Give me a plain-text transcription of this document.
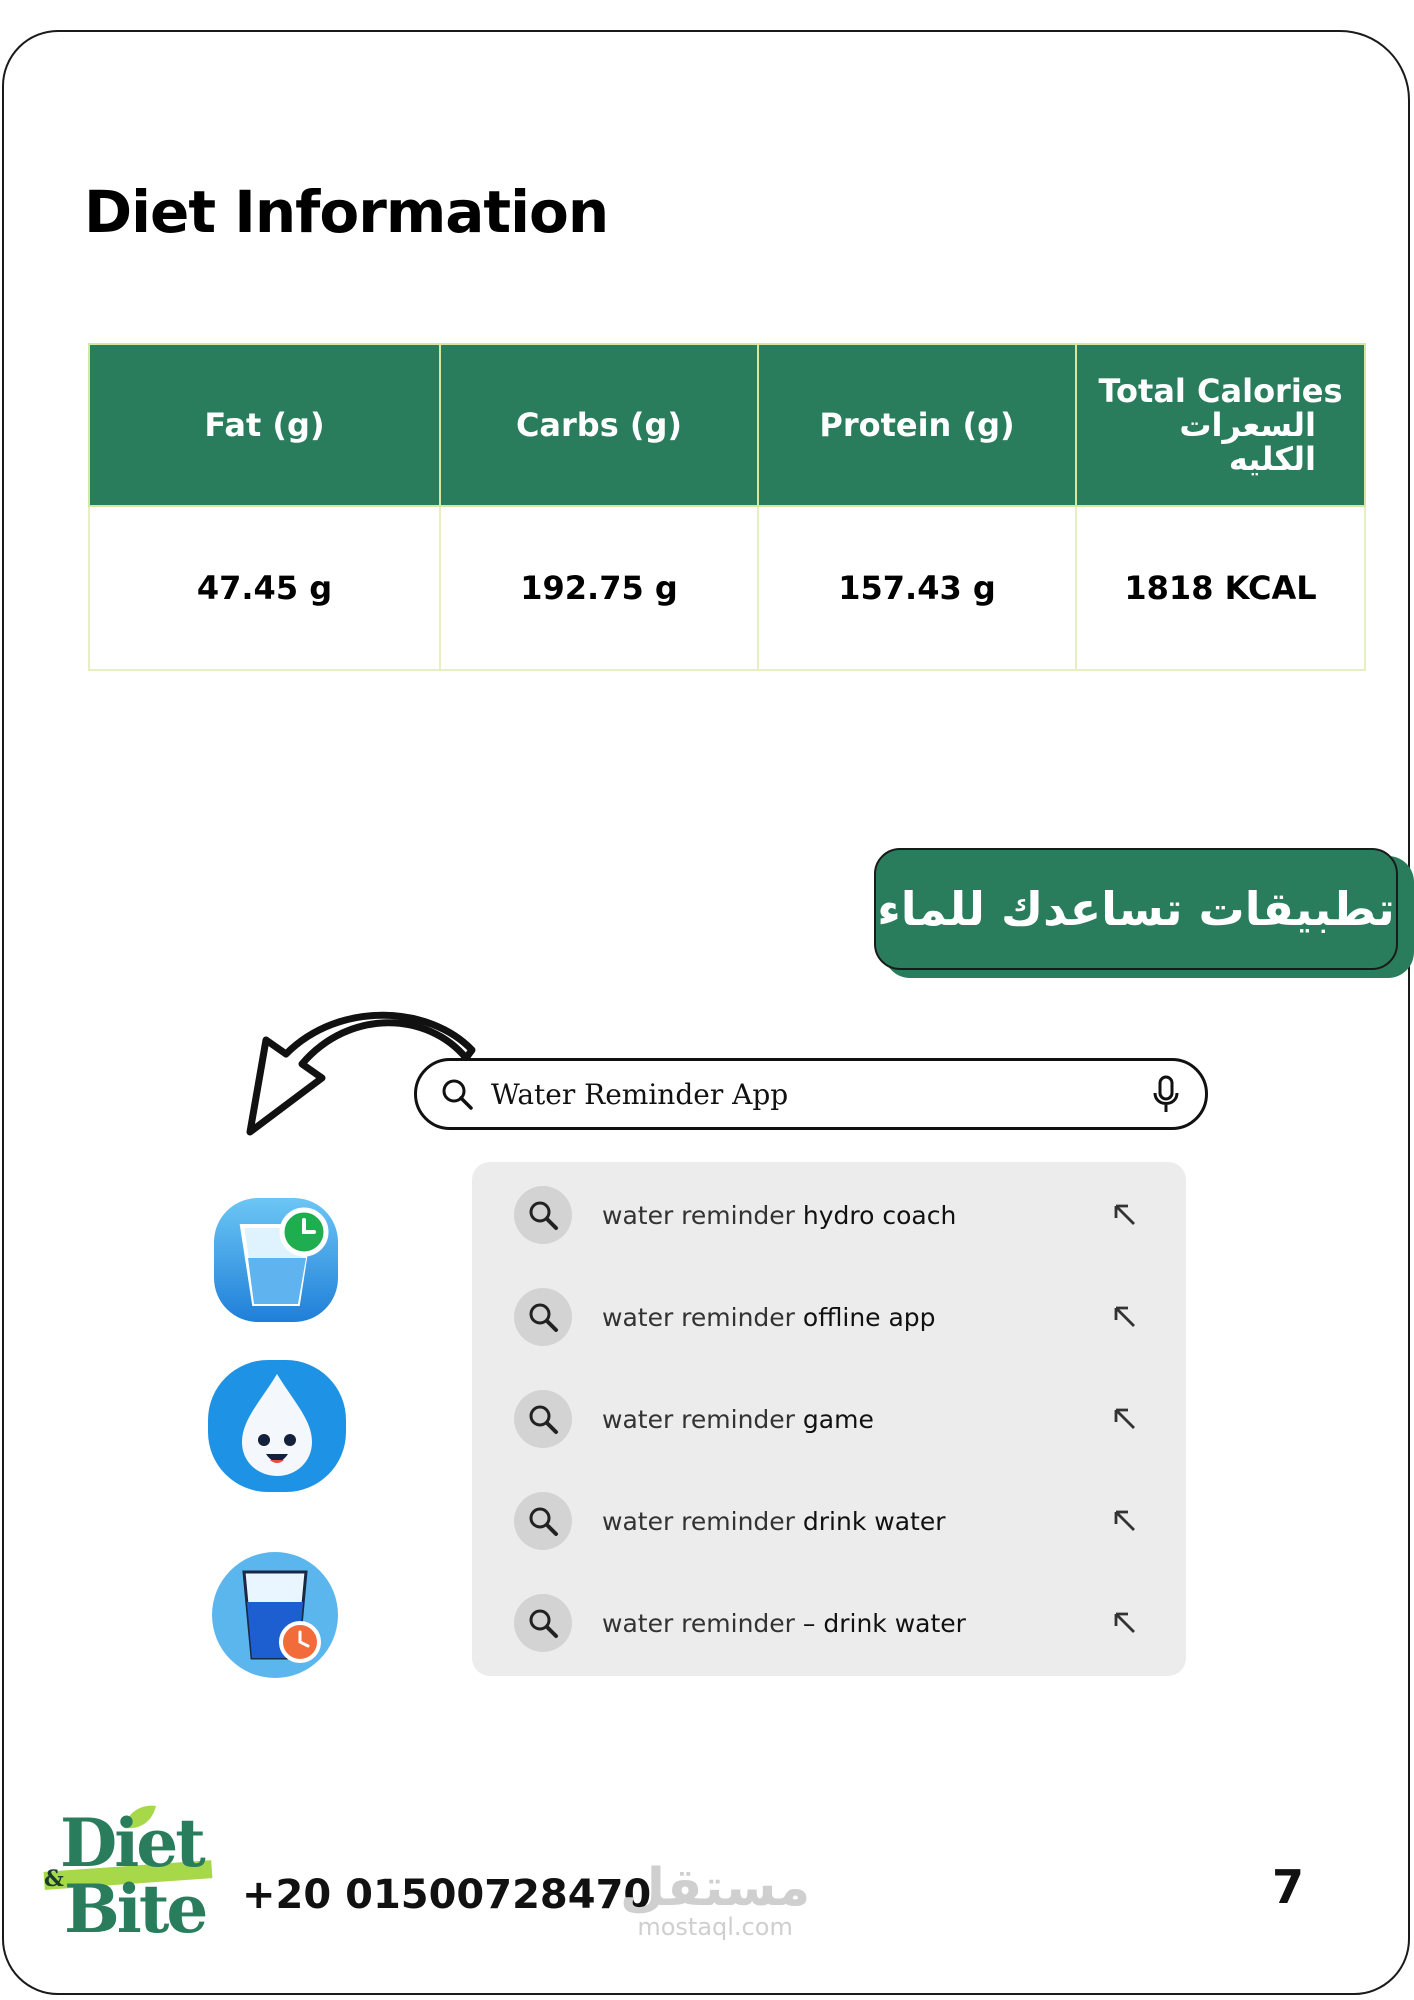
Diet Information
Fat (g)	Carbs (g)	Protein (g)	Total Calories
السعرات الكليه

47.45 g	192.75 g	157.43 g	1818 KCAL
تطبيقات تساعدك للماء
Water Reminder App
water reminder hydro coach
water reminder offline app
water reminder game
water reminder drink water
water reminder – drink water
Diet
& Bite +20 01500728470
مستقل
mostaql.com
7
